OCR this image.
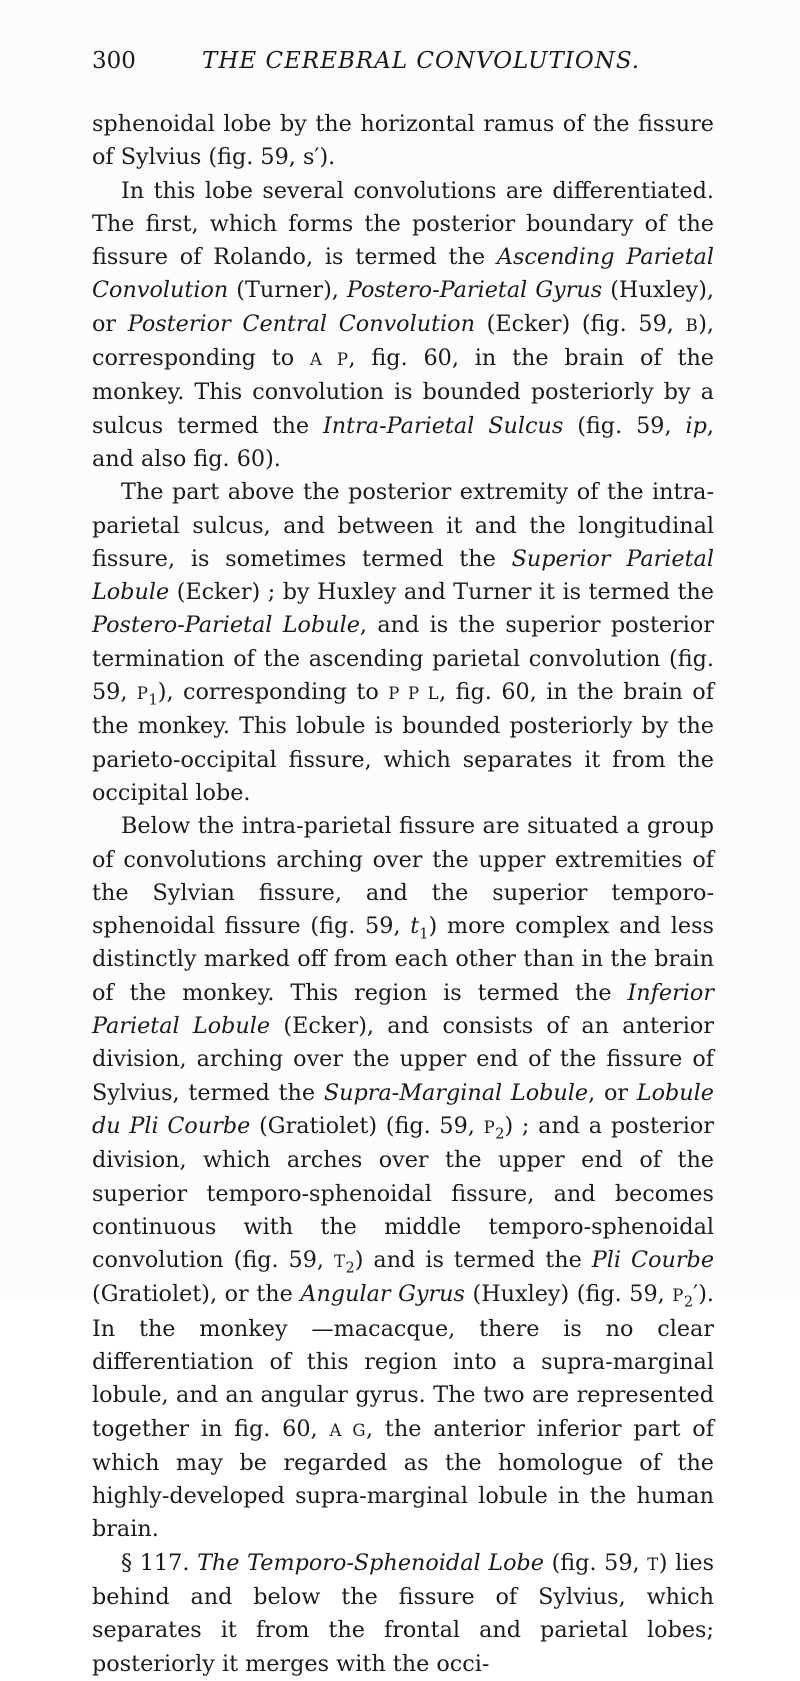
300	THE CEREBRAL CONVOLUTIONS.

sphenoidal lobe by the horizontal ramus of the fissure of Sylvius (fig. 59, s′).

In this lobe several convolutions are differentiated. The first, which forms the posterior boundary of the fissure of Rolando, is termed the Ascending Parietal Convolution (Turner), Postero-Parietal Gyrus (Huxley), or Posterior Central Convolution (Ecker) (fig. 59, B), corresponding to A P, fig. 60, in the brain of the monkey. This convolution is bounded posteriorly by a sulcus termed the Intra-Parietal Sulcus (fig. 59, ip, and also fig. 60).

The part above the posterior extremity of the intra-parietal sulcus, and between it and the longitudinal fissure, is sometimes termed the Superior Parietal Lobule (Ecker) ; by Huxley and Turner it is termed the Postero-Parietal Lobule, and is the superior posterior termination of the ascending parietal convolution (fig. 59, $P_1$), corresponding to P P L, fig. 60, in the brain of the monkey. This lobule is bounded posteriorly by the parieto-occipital fissure, which separates it from the occipital lobe.

Below the intra-parietal fissure are situated a group of convolutions arching over the upper extremities of the Sylvian fissure, and the superior temporo-sphenoidal fissure (fig. 59, $t_1$) more complex and less distinctly marked off from each other than in the brain of the monkey. This region is termed the Inferior Parietal Lobule (Ecker), and consists of an anterior division, arching over the upper end of the fissure of Sylvius, termed the Supra-Marginal Lobule, or Lobule du Pli Courbe (Gratiolet) (fig. 59, $P_2$) ; and a posterior division, which arches over the upper end of the superior temporo-sphenoidal fissure, and becomes continuous with the middle temporo-sphenoidal convolution (fig. 59, $T_2$) and is termed the Pli Courbe (Gratiolet), or the Angular Gyrus (Huxley) (fig. 59, $P_2'$). In the monkey —macacque, there is no clear differentiation of this region into a supra-marginal lobule, and an angular gyrus. The two are represented together in fig. 60, A G, the anterior inferior part of which may be regarded as the homologue of the highly-developed supra-marginal lobule in the human brain.

§ 117. The Temporo-Sphenoidal Lobe (fig. 59, T) lies behind and below the fissure of Sylvius, which separates it from the frontal and parietal lobes; posteriorly it merges with the occi-
